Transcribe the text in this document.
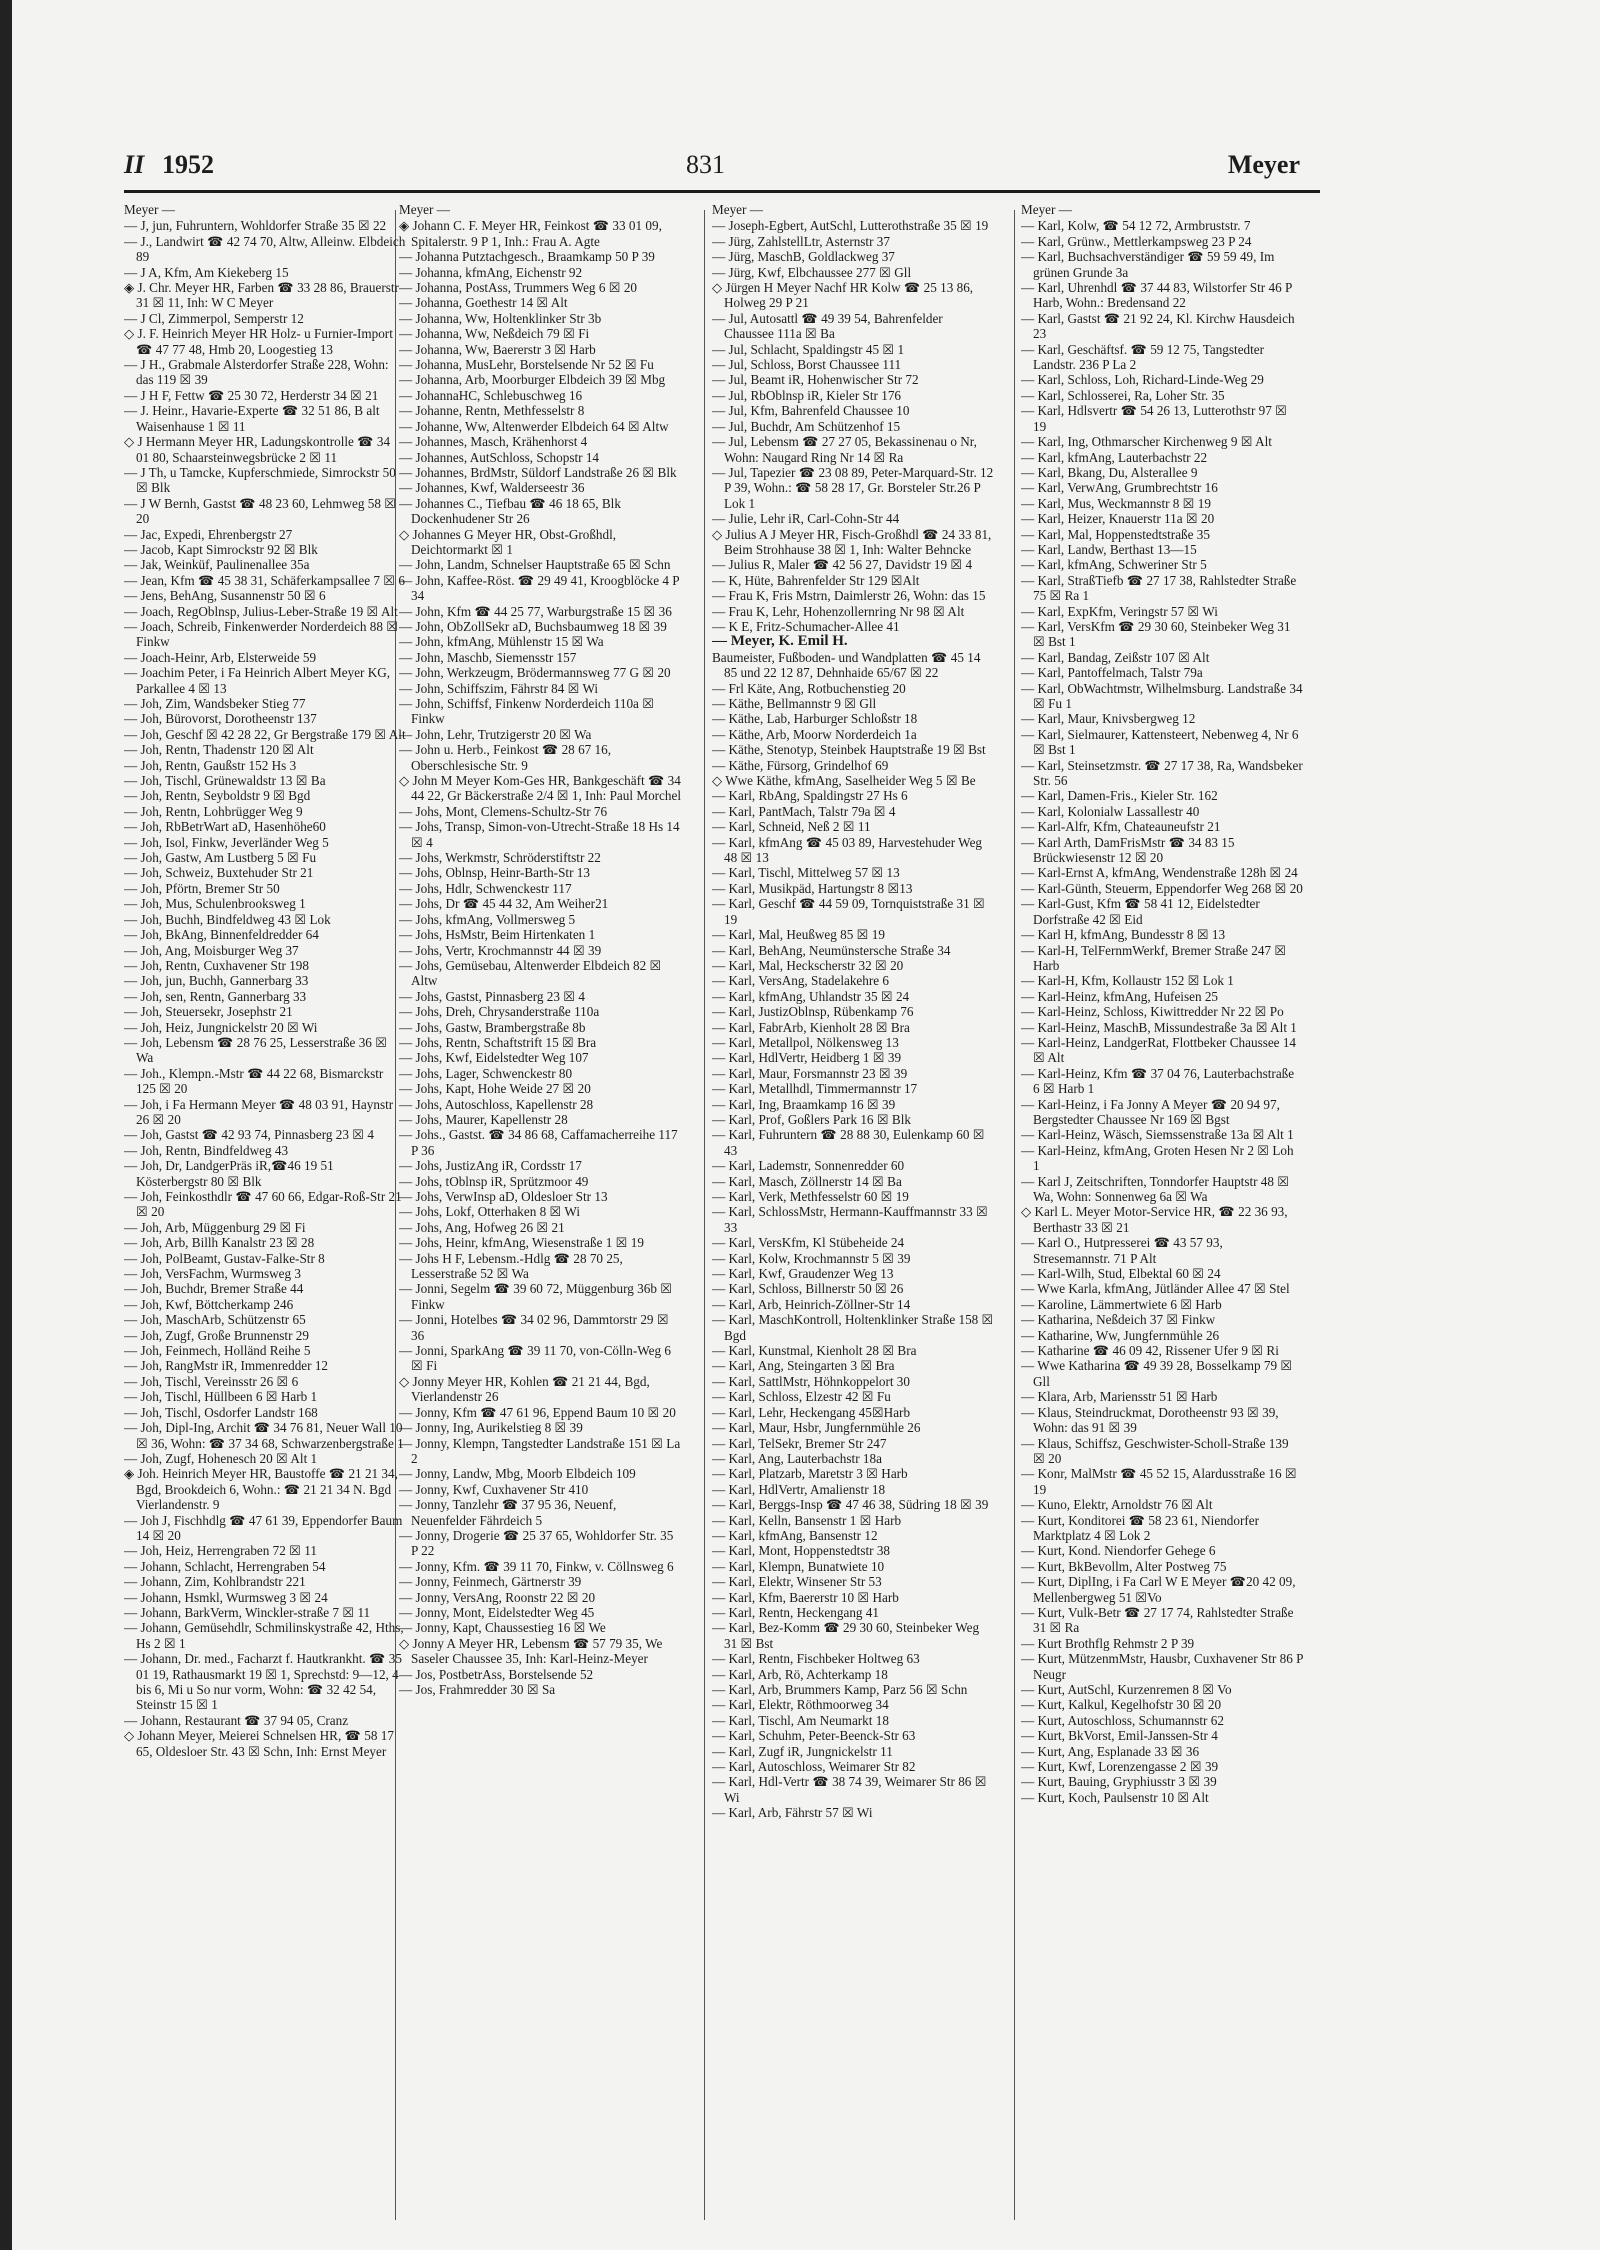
II 1952	831	Meyer
Meyer —
— J, jun, Fuhruntern, Wohldorfer Straße 35 ☒ 22
— J., Landwirt ☎ 42 74 70, Altw, Alleinw. Elbdeich 89
— J A, Kfm, Am Kiekeberg 15
◈ J. Chr. Meyer HR, Farben ☎ 33 28 86, Brauerstr 31 ☒ 11, Inh: W C Meyer
— J Cl, Zimmerpol, Semperstr 12
◇ J. F. Heinrich Meyer HR Holz- u Furnier-Import ☎ 47 77 48, Hmb 20, Loogestieg 13
— J H., Grabmale Alsterdorfer Straße 228, Wohn: das 119 ☒ 39
— J H F, Fettw ☎ 25 30 72, Herderstr 34 ☒ 21
— J. Heinr., Havarie-Experte ☎ 32 51 86, B alt Waisenhause 1 ☒ 11
◇ J Hermann Meyer HR, Ladungskontrolle ☎ 34 01 80, Schaarsteinwegsbrücke 2 ☒ 11
— J Th, u Tamcke, Kupferschmiede, Simrockstr 50 ☒ Blk
— J W Bernh, Gastst ☎ 48 23 60, Lehmweg 58 ☒ 20
— Jac, Expedi, Ehrenbergstr 27
— Jacob, Kapt Simrockstr 92 ☒ Blk
— Jak, Weinküf, Paulinenallee 35a
— Jean, Kfm ☎ 45 38 31, Schäferkampsallee 7 ☒ 6
— Jens, BehAng, Susannenstr 50 ☒ 6
— Joach, RegOblnsp, Julius-Leber-Straße 19 ☒ Alt
— Joach, Schreib, Finkenwerder Norderdeich 88 ☒ Finkw
— Joach-Heinr, Arb, Elsterweide 59
— Joachim Peter, i Fa Heinrich Albert Meyer KG, Parkallee 4 ☒ 13
— Joh, Zim, Wandsbeker Stieg 77
— Joh, Bürovorst, Dorotheenstr 137
— Joh, Geschf ☒ 42 28 22, Gr Bergstraße 179 ☒ Alt
— Joh, Rentn, Thadenstr 120 ☒ Alt
— Joh, Rentn, Gaußstr 152 Hs 3
— Joh, Tischl, Grünewaldstr 13 ☒ Ba
— Joh, Rentn, Seyboldstr 9 ☒ Bgd
— Joh, Rentn, Lohbrügger Weg 9
— Joh, RbBetrWart aD, Hasenhöhe60
— Joh, Isol, Finkw, Jeverländer Weg 5
— Joh, Gastw, Am Lustberg 5 ☒ Fu
— Joh, Schweiz, Buxtehuder Str 21
— Joh, Pförtn, Bremer Str 50
— Joh, Mus, Schulenbrooksweg 1
— Joh, Buchh, Bindfeldweg 43 ☒ Lok
— Joh, BkAng, Binnenfeldredder 64
— Joh, Ang, Moisburger Weg 37
— Joh, Rentn, Cuxhavener Str 198
— Joh, jun, Buchh, Gannerbarg 33
— Joh, sen, Rentn, Gannerbarg 33
— Joh, Steuersekr, Josephstr 21
— Joh, Heiz, Jungnickelstr 20 ☒ Wi
— Joh, Lebensm ☎ 28 76 25, Lesserstraße 36 ☒ Wa
— Joh., Klempn.-Mstr ☎ 44 22 68, Bismarckstr 125 ☒ 20
— Joh, i Fa Hermann Meyer ☎ 48 03 91, Haynstr 26 ☒ 20
— Joh, Gastst ☎ 42 93 74, Pinnasberg 23 ☒ 4
— Joh, Rentn, Bindfeldweg 43
— Joh, Dr, LandgerPräs iR,☎46 19 51 Kösterbergstr 80 ☒ Blk
— Joh, Feinkosthdlr ☎ 47 60 66, Edgar-Roß-Str 21 ☒ 20
— Joh, Arb, Müggenburg 29 ☒ Fi
— Joh, Arb, Billh Kanalstr 23 ☒ 28
— Joh, PolBeamt, Gustav-Falke-Str 8
— Joh, VersFachm, Wurmsweg 3
— Joh, Buchdr, Bremer Straße 44
— Joh, Kwf, Böttcherkamp 246
— Joh, MaschArb, Schützenstr 65
— Joh, Zugf, Große Brunnenstr 29
— Joh, Feinmech, Holländ Reihe 5
— Joh, RangMstr iR, Immenredder 12
— Joh, Tischl, Vereinsstr 26 ☒ 6
— Joh, Tischl, Hüllbeen 6 ☒ Harb 1
— Joh, Tischl, Osdorfer Landstr 168
— Joh, Dipl-Ing, Archit ☎ 34 76 81, Neuer Wall 10 ☒ 36, Wohn: ☎ 37 34 68, Schwarzenbergstraße 1
— Joh, Zugf, Hohenesch 20 ☒ Alt 1
◈ Joh. Heinrich Meyer HR, Baustoffe ☎ 21 21 34, Bgd, Brookdeich 6, Wohn.: ☎ 21 21 34 N. Bgd Vierlandenstr. 9
— Joh J, Fischhdlg ☎ 47 61 39, Eppendorfer Baum 14 ☒ 20
— Joh, Heiz, Herrengraben 72 ☒ 11
— Johann, Schlacht, Herrengraben 54
— Johann, Zim, Kohlbrandstr 221
— Johann, Hsmkl, Wurmsweg 3 ☒ 24
— Johann, BarkVerm, Winckler-straße 7 ☒ 11
— Johann, Gemüsehdlr, Schmilinskystraße 42, Hths, Hs 2 ☒ 1
— Johann, Dr. med., Facharzt f. Hautkrankht. ☎ 35 01 19, Rathausmarkt 19 ☒ 1, Sprechstd: 9—12, 4 bis 6, Mi u So nur vorm, Wohn: ☎ 32 42 54, Steinstr 15 ☒ 1
— Johann, Restaurant ☎ 37 94 05, Cranz
◇ Johann Meyer, Meierei Schnelsen HR, ☎ 58 17 65, Oldesloer Str. 43 ☒ Schn, Inh: Ernst Meyer
Meyer —
◈ Johann C. F. Meyer HR, Feinkost ☎ 33 01 09, Spitalerstr. 9 P 1, Inh.: Frau A. Agte
— Johanna Putztachgesch., Braamkamp 50 P 39
— Johanna, kfmAng, Eichenstr 92
— Johanna, PostAss, Trummers Weg 6 ☒ 20
— Johanna, Goethestr 14 ☒ Alt
— Johanna, Ww, Holtenklinker Str 3b
— Johanna, Ww, Neßdeich 79 ☒ Fi
— Johanna, Ww, Baererstr 3 ☒ Harb
— Johanna, MusLehr, Borstelsende Nr 52 ☒ Fu
— Johanna, Arb, Moorburger Elbdeich 39 ☒ Mbg
— JohannaHC, Schlebuschweg 16
— Johanne, Rentn, Methfesselstr 8
— Johanne, Ww, Altenwerder Elbdeich 64 ☒ Altw
— Johannes, Masch, Krähenhorst 4
— Johannes, AutSchloss, Schopstr 14
— Johannes, BrdMstr, Süldorf Landstraße 26 ☒ Blk
— Johannes, Kwf, Walderseestr 36
— Johannes C., Tiefbau ☎ 46 18 65, Blk Dockenhudener Str 26
◇ Johannes G Meyer HR, Obst-Großhdl, Deichtormarkt ☒ 1
— John, Landm, Schnelser Hauptstraße 65 ☒ Schn
— John, Kaffee-Röst. ☎ 29 49 41, Kroogblöcke 4 P 34
— John, Kfm ☎ 44 25 77, Warburgstraße 15 ☒ 36
— John, ObZollSekr aD, Buchsbaumweg 18 ☒ 39
— John, kfmAng, Mühlenstr 15 ☒ Wa
— John, Maschb, Siemensstr 157
— John, Werkzeugm, Brödermannsweg 77 G ☒ 20
— John, Schiffszim, Fährstr 84 ☒ Wi
— John, Schiffsf, Finkenw Norderdeich 110a ☒ Finkw
— John, Lehr, Trutzigerstr 20 ☒ Wa
— John u. Herb., Feinkost ☎ 28 67 16, Oberschlesische Str. 9
◇ John M Meyer Kom-Ges HR, Bankgeschäft ☎ 34 44 22, Gr Bäckerstraße 2/4 ☒ 1, Inh: Paul Morchel
— Johs, Mont, Clemens-Schultz-Str 76
— Johs, Transp, Simon-von-Utrecht-Straße 18 Hs 14 ☒ 4
— Johs, Werkmstr, Schröderstiftstr 22
— Johs, Oblnsp, Heinr-Barth-Str 13
— Johs, Hdlr, Schwenckestr 117
— Johs, Dr ☎ 45 44 32, Am Weiher21
— Johs, kfmAng, Vollmersweg 5
— Johs, HsMstr, Beim Hirtenkaten 1
— Johs, Vertr, Krochmannstr 44 ☒ 39
— Johs, Gemüsebau, Altenwerder Elbdeich 82 ☒ Altw
— Johs, Gastst, Pinnasberg 23 ☒ 4
— Johs, Dreh, Chrysanderstraße 110a
— Johs, Gastw, Brambergstraße 8b
— Johs, Rentn, Schaftstrift 15 ☒ Bra
— Johs, Kwf, Eidelstedter Weg 107
— Johs, Lager, Schwenckestr 80
— Johs, Kapt, Hohe Weide 27 ☒ 20
— Johs, Autoschloss, Kapellenstr 28
— Johs, Maurer, Kapellenstr 28
— Johs., Gastst. ☎ 34 86 68, Caffamacherreihe 117 P 36
— Johs, JustizAng iR, Cordsstr 17
— Johs, tOblnsp iR, Sprützmoor 49
— Johs, VerwInsp aD, Oldesloer Str 13
— Johs, Lokf, Otterhaken 8 ☒ Wi
— Johs, Ang, Hofweg 26 ☒ 21
— Johs, Heinr, kfmAng, Wiesenstraße 1 ☒ 19
— Johs H F, Lebensm.-Hdlg ☎ 28 70 25, Lesserstraße 52 ☒ Wa
— Jonni, Segelm ☎ 39 60 72, Müggenburg 36b ☒ Finkw
— Jonni, Hotelbes ☎ 34 02 96, Dammtorstr 29 ☒ 36
— Jonni, SparkAng ☎ 39 11 70, von-Cölln-Weg 6 ☒ Fi
◇ Jonny Meyer HR, Kohlen ☎ 21 21 44, Bgd, Vierlandenstr 26
— Jonny, Kfm ☎ 47 61 96, Eppend Baum 10 ☒ 20
— Jonny, Ing, Aurikelstieg 8 ☒ 39
— Jonny, Klempn, Tangstedter Landstraße 151 ☒ La 2
— Jonny, Landw, Mbg, Moorb Elbdeich 109
— Jonny, Kwf, Cuxhavener Str 410
— Jonny, Tanzlehr ☎ 37 95 36, Neuenf, Neuenfelder Fährdeich 5
— Jonny, Drogerie ☎ 25 37 65, Wohldorfer Str. 35 P 22
— Jonny, Kfm. ☎ 39 11 70, Finkw, v. Cöllnsweg 6
— Jonny, Feinmech, Gärtnerstr 39
— Jonny, VersAng, Roonstr 22 ☒ 20
— Jonny, Mont, Eidelstedter Weg 45
— Jonny, Kapt, Chaussestieg 16 ☒ We
◇ Jonny A Meyer HR, Lebensm ☎ 57 79 35, We Saseler Chaussee 35, Inh: Karl-Heinz-Meyer
— Jos, PostbetrAss, Borstelsende 52
— Jos, Frahmredder 30 ☒ Sa
Meyer —
— Joseph-Egbert, AutSchl, Lutterothstraße 35 ☒ 19
— Jürg, ZahlstellLtr, Asternstr 37
— Jürg, MaschB, Goldlackweg 37
— Jürg, Kwf, Elbchaussee 277 ☒ Gll
◇ Jürgen H Meyer Nachf HR Kolw ☎ 25 13 86, Holweg 29 P 21
— Jul, Autosattl ☎ 49 39 54, Bahrenfelder Chaussee 111a ☒ Ba
— Jul, Schlacht, Spaldingstr 45 ☒ 1
— Jul, Schloss, Borst Chaussee 111
— Jul, Beamt iR, Hohenwischer Str 72
— Jul, RbOblnsp iR, Kieler Str 176
— Jul, Kfm, Bahrenfeld Chaussee 10
— Jul, Buchdr, Am Schützenhof 15
— Jul, Lebensm ☎ 27 27 05, Bekassinenau o Nr, Wohn: Naugard Ring Nr 14 ☒ Ra
— Jul, Tapezier ☎ 23 08 89, Peter-Marquard-Str. 12 P 39, Wohn.: ☎ 58 28 17, Gr. Borsteler Str.26 P Lok 1
— Julie, Lehr iR, Carl-Cohn-Str 44
◇ Julius A J Meyer HR, Fisch-Großhdl ☎ 24 33 81, Beim Strohhause 38 ☒ 1, Inh: Walter Behncke
— Julius R, Maler ☎ 42 56 27, Davidstr 19 ☒ 4
— K, Hüte, Bahrenfelder Str 129 ☒Alt
— Frau K, Fris Mstrn, Daimlerstr 26, Wohn: das 15
— Frau K, Lehr, Hohenzollernring Nr 98 ☒ Alt
— K E, Fritz-Schumacher-Allee 41
— Meyer, K. Emil H.
Baumeister, Fußboden- und Wandplatten ☎ 45 14 85 und 22 12 87, Dehnhaide 65/67 ☒ 22
— Frl Käte, Ang, Rotbuchenstieg 20
— Käthe, Bellmannstr 9 ☒ Gll
— Käthe, Lab, Harburger Schloßstr 18
— Käthe, Arb, Moorw Norderdeich 1a
— Käthe, Stenotyp, Steinbek Hauptstraße 19 ☒ Bst
— Käthe, Fürsorg, Grindelhof 69
◇ Wwe Käthe, kfmAng, Saselheider Weg 5 ☒ Be
— Karl, RbAng, Spaldingstr 27 Hs 6
— Karl, PantMach, Talstr 79a ☒ 4
— Karl, Schneid, Neß 2 ☒ 11
— Karl, kfmAng ☎ 45 03 89, Harvestehuder Weg 48 ☒ 13
— Karl, Tischl, Mittelweg 57 ☒ 13
— Karl, Musikpäd, Hartungstr 8 ☒13
— Karl, Geschf ☎ 44 59 09, Tornquiststraße 31 ☒ 19
— Karl, Mal, Heußweg 85 ☒ 19
— Karl, BehAng, Neumünstersche Straße 34
— Karl, Mal, Heckscherstr 32 ☒ 20
— Karl, VersAng, Stadelakehre 6
— Karl, kfmAng, Uhlandstr 35 ☒ 24
— Karl, JustizOblnsp, Rübenkamp 76
— Karl, FabrArb, Kienholt 28 ☒ Bra
— Karl, Metallpol, Nölkensweg 13
— Karl, HdlVertr, Heidberg 1 ☒ 39
— Karl, Maur, Forsmannstr 23 ☒ 39
— Karl, Metallhdl, Timmermannstr 17
— Karl, Ing, Braamkamp 16 ☒ 39
— Karl, Prof, Goßlers Park 16 ☒ Blk
— Karl, Fuhruntern ☎ 28 88 30, Eulenkamp 60 ☒ 43
— Karl, Lademstr, Sonnenredder 60
— Karl, Masch, Zöllnerstr 14 ☒ Ba
— Karl, Verk, Methfesselstr 60 ☒ 19
— Karl, SchlossMstr, Hermann-Kauffmannstr 33 ☒ 33
— Karl, VersKfm, Kl Stübeheide 24
— Karl, Kolw, Krochmannstr 5 ☒ 39
— Karl, Kwf, Graudenzer Weg 13
— Karl, Schloss, Billnerstr 50 ☒ 26
— Karl, Arb, Heinrich-Zöllner-Str 14
— Karl, MaschKontroll, Holtenklinker Straße 158 ☒ Bgd
— Karl, Kunstmal, Kienholt 28 ☒ Bra
— Karl, Ang, Steingarten 3 ☒ Bra
— Karl, SattlMstr, Höhnkoppelort 30
— Karl, Schloss, Elzestr 42 ☒ Fu
— Karl, Lehr, Heckengang 45☒Harb
— Karl, Maur, Hsbr, Jungfernmühle 26
— Karl, TelSekr, Bremer Str 247
— Karl, Ang, Lauterbachstr 18a
— Karl, Platzarb, Maretstr 3 ☒ Harb
— Karl, HdlVertr, Amalienstr 18
— Karl, Berggs-Insp ☎ 47 46 38, Südring 18 ☒ 39
— Karl, Kelln, Bansenstr 1 ☒ Harb
— Karl, kfmAng, Bansenstr 12
— Karl, Mont, Hoppenstedtstr 38
— Karl, Klempn, Bunatwiete 10
— Karl, Elektr, Winsener Str 53
— Karl, Kfm, Baererstr 10 ☒ Harb
— Karl, Rentn, Heckengang 41
— Karl, Bez-Komm ☎ 29 30 60, Steinbeker Weg 31 ☒ Bst
— Karl, Rentn, Fischbeker Holtweg 63
— Karl, Arb, Rö, Achterkamp 18
— Karl, Arb, Brummers Kamp, Parz 56 ☒ Schn
— Karl, Elektr, Röthmoorweg 34
— Karl, Tischl, Am Neumarkt 18
— Karl, Schuhm, Peter-Beenck-Str 63
— Karl, Zugf iR, Jungnickelstr 11
— Karl, Autoschloss, Weimarer Str 82
— Karl, Hdl-Vertr ☎ 38 74 39, Weimarer Str 86 ☒ Wi
— Karl, Arb, Fährstr 57 ☒ Wi
Meyer —
— Karl, Kolw, ☎ 54 12 72, Armbruststr. 7
— Karl, Grünw., Mettlerkampsweg 23 P 24
— Karl, Buchsachverständiger ☎ 59 59 49, Im grünen Grunde 3a
— Karl, Uhrenhdl ☎ 37 44 83, Wilstorfer Str 46 P Harb, Wohn.: Bredensand 22
— Karl, Gastst ☎ 21 92 24, Kl. Kirchw Hausdeich 23
— Karl, Geschäftsf. ☎ 59 12 75, Tangstedter Landstr. 236 P La 2
— Karl, Schloss, Loh, Richard-Linde-Weg 29
— Karl, Schlosserei, Ra, Loher Str. 35
— Karl, Hdlsvertr ☎ 54 26 13, Lutterothstr 97 ☒ 19
— Karl, Ing, Othmarscher Kirchenweg 9 ☒ Alt
— Karl, kfmAng, Lauterbachstr 22
— Karl, Bkang, Du, Alsterallee 9
— Karl, VerwAng, Grumbrechtstr 16
— Karl, Mus, Weckmannstr 8 ☒ 19
— Karl, Heizer, Knauerstr 11a ☒ 20
— Karl, Mal, Hoppenstedtstraße 35
— Karl, Landw, Berthast 13—15
— Karl, kfmAng, Schweriner Str 5
— Karl, StraßTiefb ☎ 27 17 38, Rahlstedter Straße 75 ☒ Ra 1
— Karl, ExpKfm, Veringstr 57 ☒ Wi
— Karl, VersKfm ☎ 29 30 60, Steinbeker Weg 31 ☒ Bst 1
— Karl, Bandag, Zeißstr 107 ☒ Alt
— Karl, Pantoffelmach, Talstr 79a
— Karl, ObWachtmstr, Wilhelmsburg. Landstraße 34 ☒ Fu 1
— Karl, Maur, Knivsbergweg 12
— Karl, Sielmaurer, Kattensteert, Nebenweg 4, Nr 6 ☒ Bst 1
— Karl, Steinsetzmstr. ☎ 27 17 38, Ra, Wandsbeker Str. 56
— Karl, Damen-Fris., Kieler Str. 162
— Karl, Kolonialw Lassallestr 40
— Karl-Alfr, Kfm, Chateauneufstr 21
— Karl Arth, DamFrisMstr ☎ 34 83 15 Brückwiesenstr 12 ☒ 20
— Karl-Ernst A, kfmAng, Wendenstraße 128h ☒ 24
— Karl-Günth, Steuerm, Eppendorfer Weg 268 ☒ 20
— Karl-Gust, Kfm ☎ 58 41 12, Eidelstedter Dorfstraße 42 ☒ Eid
— Karl H, kfmAng, Bundesstr 8 ☒ 13
— Karl-H, TelFernmWerkf, Bremer Straße 247 ☒ Harb
— Karl-H, Kfm, Kollaustr 152 ☒ Lok 1
— Karl-Heinz, kfmAng, Hufeisen 25
— Karl-Heinz, Schloss, Kiwittredder Nr 22 ☒ Po
— Karl-Heinz, MaschB, Missundestraße 3a ☒ Alt 1
— Karl-Heinz, LandgerRat, Flottbeker Chaussee 14 ☒ Alt
— Karl-Heinz, Kfm ☎ 37 04 76, Lauterbachstraße 6 ☒ Harb 1
— Karl-Heinz, i Fa Jonny A Meyer ☎ 20 94 97, Bergstedter Chaussee Nr 169 ☒ Bgst
— Karl-Heinz, Wäsch, Siemssenstraße 13a ☒ Alt 1
— Karl-Heinz, kfmAng, Groten Hesen Nr 2 ☒ Loh 1
— Karl J, Zeitschriften, Tonndorfer Hauptstr 48 ☒ Wa, Wohn: Sonnenweg 6a ☒ Wa
◇ Karl L. Meyer Motor-Service HR, ☎ 22 36 93, Berthastr 33 ☒ 21
— Karl O., Hutpresserei ☎ 43 57 93, Stresemannstr. 71 P Alt
— Karl-Wilh, Stud, Elbektal 60 ☒ 24
— Wwe Karla, kfmAng, Jütländer Allee 47 ☒ Stel
— Karoline, Lämmertwiete 6 ☒ Harb
— Katharina, Neßdeich 37 ☒ Finkw
— Katharine, Ww, Jungfernmühle 26
— Katharine ☎ 46 09 42, Rissener Ufer 9 ☒ Ri
— Wwe Katharina ☎ 49 39 28, Bosselkamp 79 ☒ Gll
— Klara, Arb, Mariensstr 51 ☒ Harb
— Klaus, Steindruckmat, Dorotheenstr 93 ☒ 39, Wohn: das 91 ☒ 39
— Klaus, Schiffsz, Geschwister-Scholl-Straße 139 ☒ 20
— Konr, MalMstr ☎ 45 52 15, Alardusstraße 16 ☒ 19
— Kuno, Elektr, Arnoldstr 76 ☒ Alt
— Kurt, Konditorei ☎ 58 23 61, Niendorfer Marktplatz 4 ☒ Lok 2
— Kurt, Kond. Niendorfer Gehege 6
— Kurt, BkBevollm, Alter Postweg 75
— Kurt, DiplIng, i Fa Carl W E Meyer ☎20 42 09, Mellenbergweg 51 ☒Vo
— Kurt, Vulk-Betr ☎ 27 17 74, Rahlstedter Straße 31 ☒ Ra
— Kurt Brothflg Rehmstr 2 P 39
— Kurt, MützenmMstr, Hausbr, Cuxhavener Str 86 P Neugr
— Kurt, AutSchl, Kurzenremen 8 ☒ Vo
— Kurt, Kalkul, Kegelhofstr 30 ☒ 20
— Kurt, Autoschloss, Schumannstr 62
— Kurt, BkVorst, Emil-Janssen-Str 4
— Kurt, Ang, Esplanade 33 ☒ 36
— Kurt, Kwf, Lorenzengasse 2 ☒ 39
— Kurt, Bauing, Gryphiusstr 3 ☒ 39
— Kurt, Koch, Paulsenstr 10 ☒ Alt
